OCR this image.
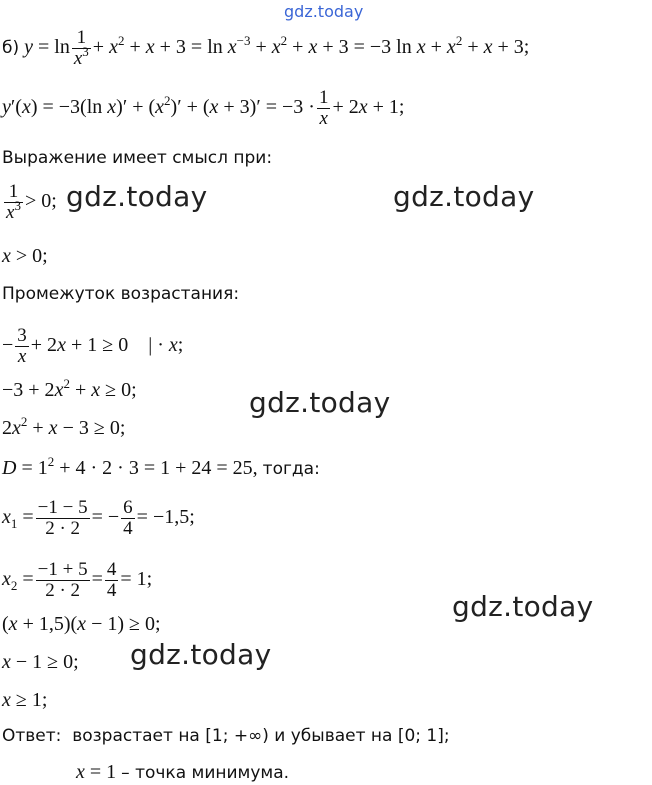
gdz.today
б) $y = \ln \frac{1}{x^3} + x^2 + x + 3 = \ln x^{-3} + x^2 + x + 3 = -3$ $\ln x + x^2 + x + 3$;
y′(x) = −3(ln $x)' + (x^2)' + (x + 3)' = -3 \cdot \frac{1}{x} + 2x + 1$;
Выражение имеет смысл при:
$\frac{1}{x^3} > 0$; gdz.today	gdz.today
x > 0;
Промежуток возрастания:
− $\frac{3}{x} + 2x + 1 \ge 0$    | · x;
$-3 + 2x^2 + x \ge 0$;	gdz.today
$2x^2 + x - 3 \ge 0$;
$D = 1^2 + 4 \cdot 2 \cdot 3 = 1 + 24 = 25$, тогда:
$x_1 = \frac{-1 - 5}{2 \cdot 2}$ = − $\frac{6}{4} = -1,5$;
$x_2 = \frac{-1 + 5}{2 \cdot 2} = \frac{4}{4} = 1$;
gdz.today
(x + 1,5)(x − 1) ≥ 0;
x − 1 ≥ 0; gdz.today
x ≥ 1;
Ответ: возрастает на [1; +∞) и убывает на [0; 1];
x = 1 – точка минимума.
